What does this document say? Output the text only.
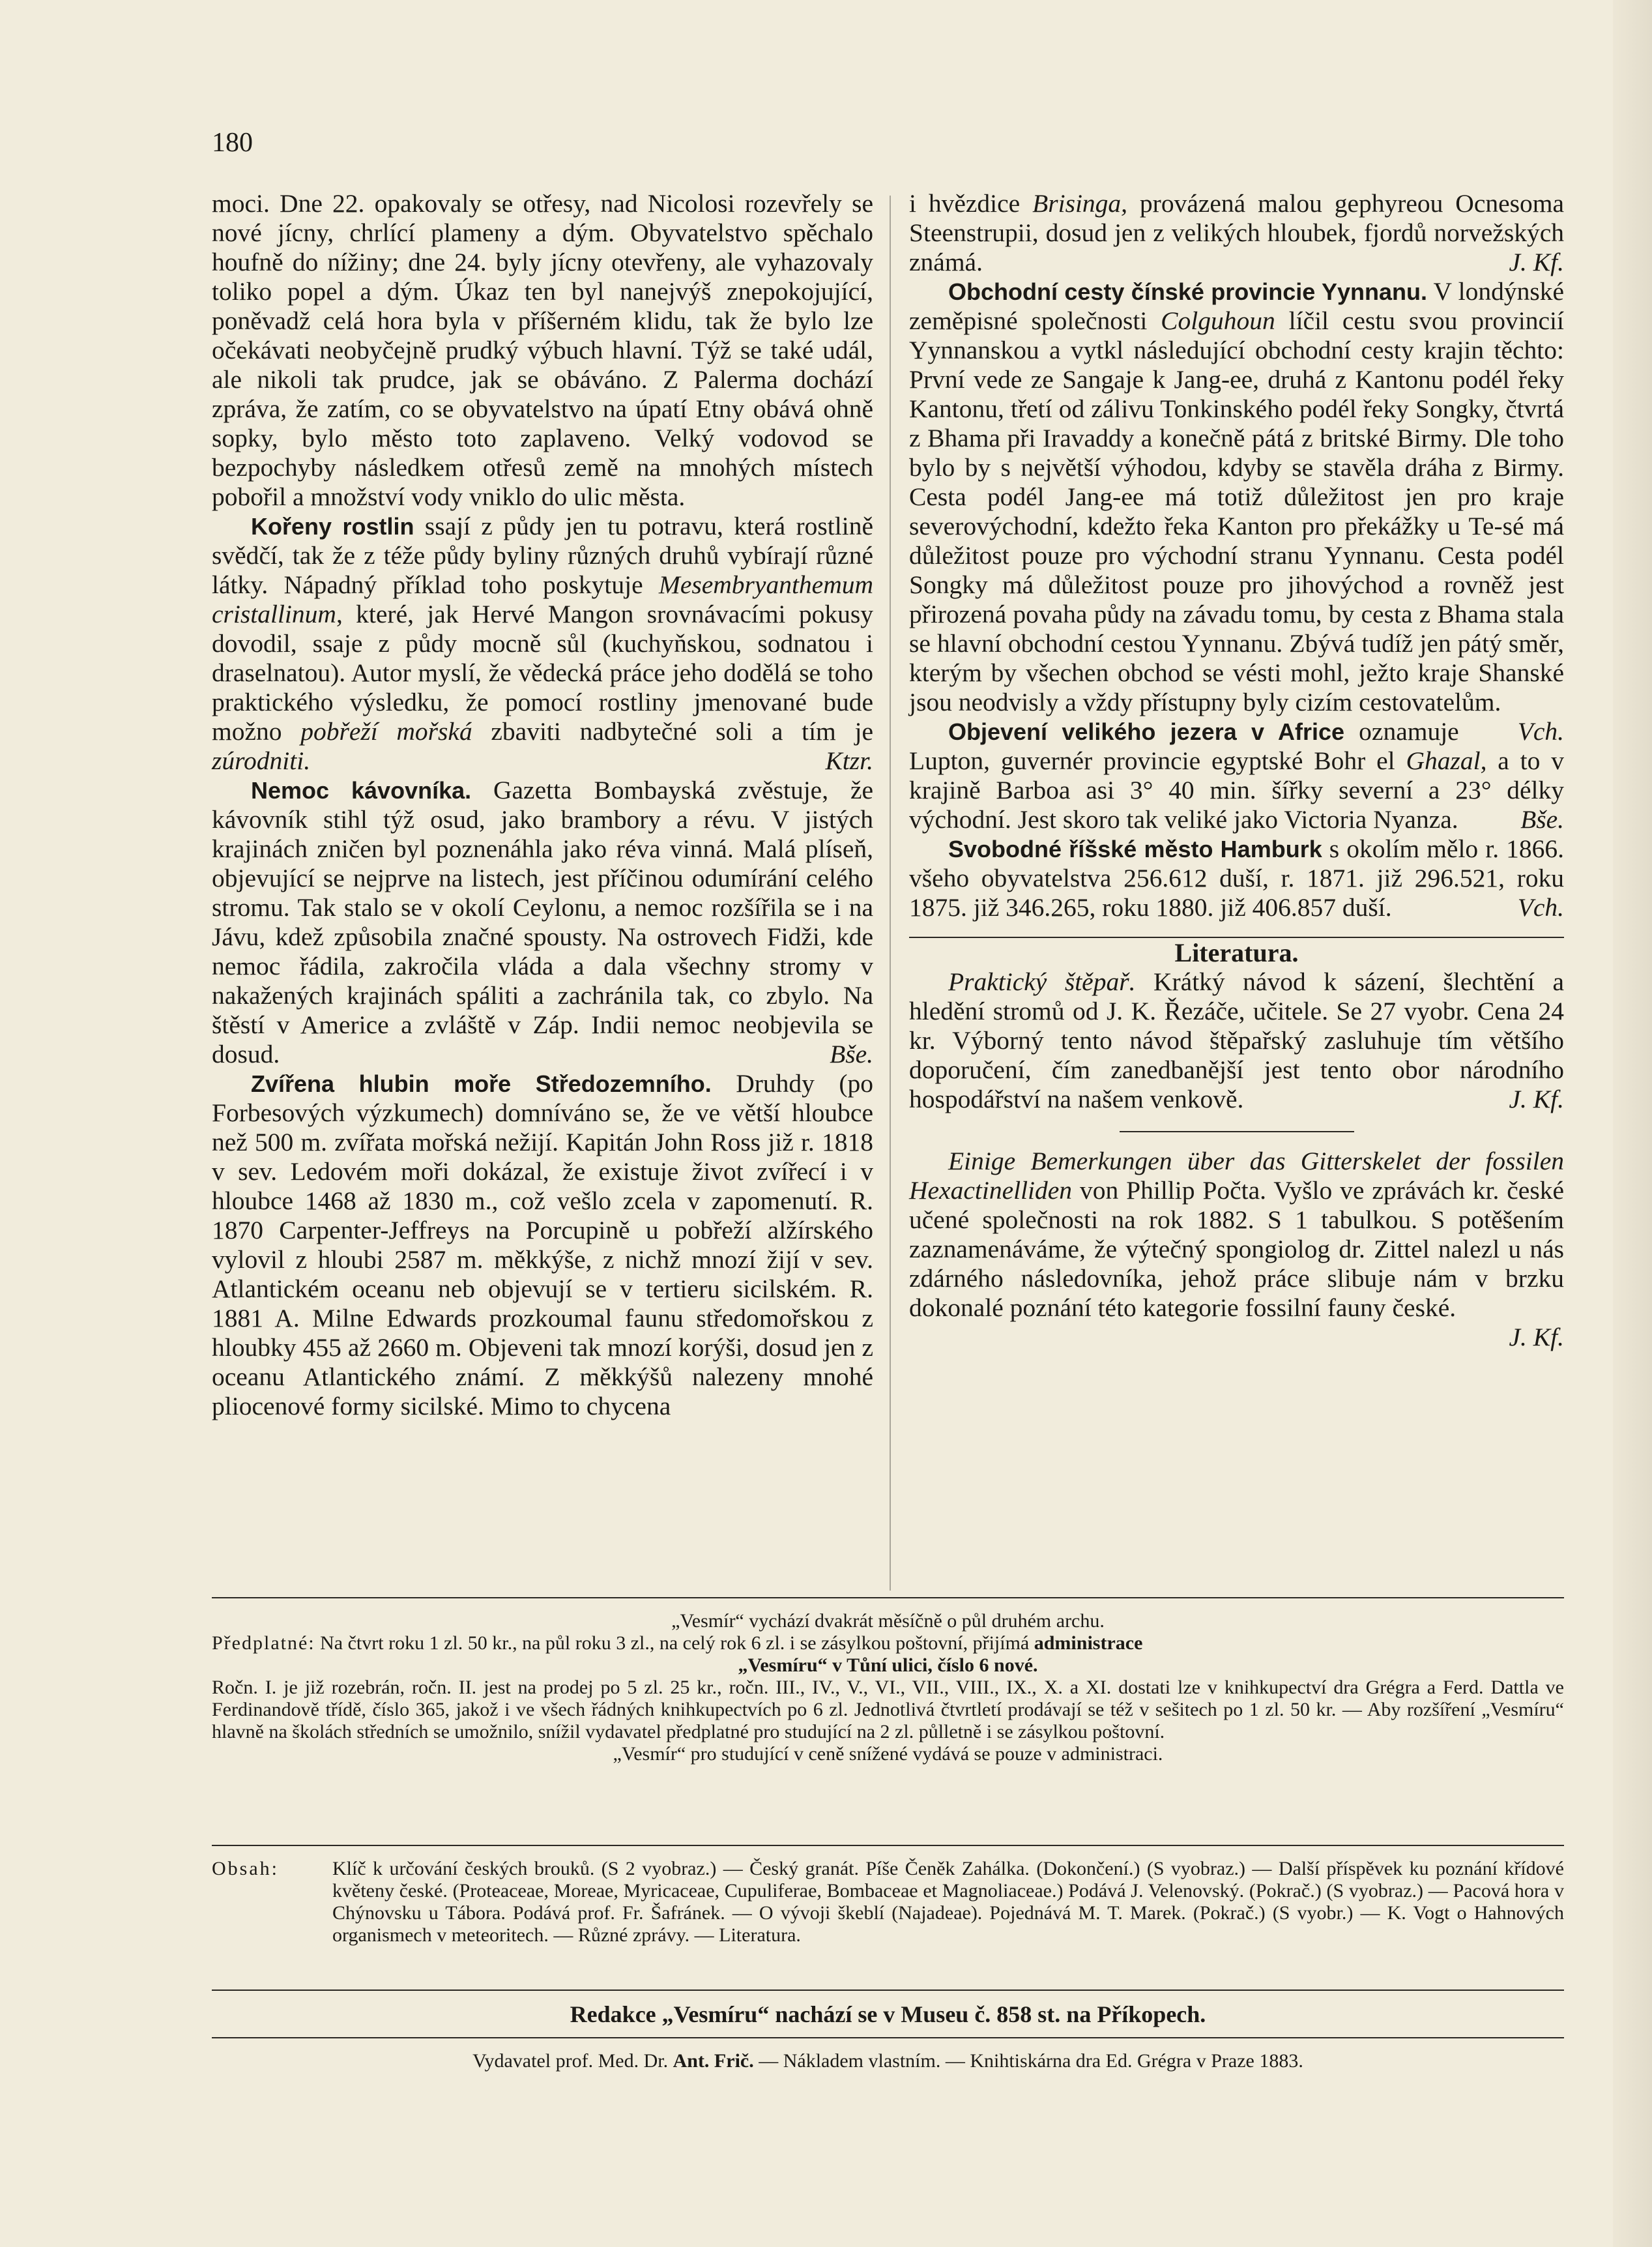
180

moci. Dne 22. opakovaly se otřesy, nad Nicolosi rozevřely se nové jícny, chrlící plameny a dým. Obyvatelstvo spěchalo houfně do nížiny; dne 24. byly jícny otevřeny, ale vyhazovaly toliko popel a dým. Úkaz ten byl nanejvýš znepokojující, poněvadž celá hora byla v příšerném klidu, tak že bylo lze očekávati neobyčejně prudký výbuch hlavní. Týž se také udál, ale nikoli tak prudce, jak se obáváno. Z Palerma dochází zpráva, že zatím, co se obyvatelstvo na úpatí Etny obává ohně sopky, bylo město toto zaplaveno. Velký vodovod se bezpochyby následkem otřesů země na mnohých místech pobořil a množství vody vniklo do ulic města.

Kořeny rostlin ssají z půdy jen tu potravu, která rostlině svědčí, tak že z téže půdy byliny různých druhů vybírají různé látky. Nápadný příklad toho poskytuje Mesembryanthemum cristallinum, které, jak Hervé Mangon srovnávacími pokusy dovodil, ssaje z půdy mocně sůl (kuchyňskou, sodnatou i draselnatou). Autor myslí, že vědecká práce jeho dodělá se toho praktického výsledku, že pomocí rostliny jmenované bude možno pobřeží mořská zbaviti nadbytečné soli a tím je zúrodniti.	Ktzr.

Nemoc kávovníka. Gazetta Bombayská zvěstuje, že kávovník stihl týž osud, jako brambory a révu. V jistých krajinách zničen byl poznenáhla jako réva vinná. Malá plíseň, objevující se nejprve na listech, jest příčinou odumírání celého stromu. Tak stalo se v okolí Ceylonu, a nemoc rozšířila se i na Jávu, kdež způsobila značné spousty. Na ostrovech Fidži, kde nemoc řádila, zakročila vláda a dala všechny stromy v nakažených krajinách spáliti a zachránila tak, co zbylo. Na štěstí v Americe a zvláště v Záp. Indii nemoc neobjevila se dosud.	Bše.

Zvířena hlubin moře Středozemního. Druhdy (po Forbesových výzkumech) domníváno se, že ve větší hloubce než 500 m. zvířata mořská nežijí. Kapitán John Ross již r. 1818 v sev. Ledovém moři dokázal, že existuje život zvířecí i v hloubce 1468 až 1830 m., což vešlo zcela v zapomenutí. R. 1870 Carpenter-Jeffreys na Porcupině u pobřeží alžírského vylovil z hloubi 2587 m. měkkýše, z nichž mnozí žijí v sev. Atlantickém oceanu neb objevují se v tertieru sicilském. R. 1881 A. Milne Edwards prozkoumal faunu středomořskou z hloubky 455 až 2660 m. Objeveni tak mnozí korýši, dosud jen z oceanu Atlantického známí. Z měkkýšů nalezeny mnohé pliocenové formy sicilské. Mimo to chycena

i hvězdice Brisinga, provázená malou gephyreou Ocnesoma Steenstrupii, dosud jen z velikých hloubek, fjordů norvežských známá.	J. Kf.

Obchodní cesty čínské provincie Yynnanu. V londýnské zeměpisné společnosti Colguhoun líčil cestu svou provincií Yynnanskou a vytkl následující obchodní cesty krajin těchto: První vede ze Sangaje k Jang-ee, druhá z Kantonu podél řeky Kantonu, třetí od zálivu Tonkinského podél řeky Songky, čtvrtá z Bhama při Iravaddy a konečně pátá z britské Birmy. Dle toho bylo by s největší výhodou, kdyby se stavěla dráha z Birmy. Cesta podél Jang-ee má totiž důležitost jen pro kraje severovýchodní, kdežto řeka Kanton pro překážky u Te-sé má důležitost pouze pro východní stranu Yynnanu. Cesta podél Songky má důležitost pouze pro jihovýchod a rovněž jest přirozená povaha půdy na závadu tomu, by cesta z Bhama stala se hlavní obchodní cestou Yynnanu. Zbývá tudíž jen pátý směr, kterým by všechen obchod se vésti mohl, ježto kraje Shanské jsou neodvisly a vždy přístupny byly cizím cestovatelům.
Vch.

Objevení velikého jezera v Africe oznamuje Lupton, guvernér provincie egyptské Bohr el Ghazal, a to v krajině Barboa asi 3° 40 min. šířky severní a 23° délky východní. Jest skoro tak veliké jako Victoria Nyanza.	Bše.

Svobodné říšské město Hamburk s okolím mělo r. 1866. všeho obyvatelstva 256.612 duší, r. 1871. již 296.521, roku 1875. již 346.265, roku 1880. již 406.857 duší.	Vch.

Literatura.

Praktický štěpař. Krátký návod k sázení, šlechtění a hledění stromů od J. K. Řezáče, učitele. Se 27 vyobr. Cena 24 kr. Výborný tento návod štěpařský zasluhuje tím většího doporučení, čím zanedbanější jest tento obor národního hospodářství na našem venkově.	J. Kf.

Einige Bemerkungen über das Gitterskelet der fossilen Hexactinelliden von Phillip Počta. Vyšlo ve zprávách kr. české učené společnosti na rok 1882. S 1 tabulkou. S potěšením zaznamenáváme, že výtečný spongiolog dr. Zittel nalezl u nás zdárného následovníka, jehož práce slibuje nám v brzku dokonalé poznání této kategorie fossilní fauny české.
J. Kf.

„Vesmír“ vychází dvakrát měsíčně o půl druhém archu.

Předplatné: Na čtvrt roku 1 zl. 50 kr., na půl roku 3 zl., na celý rok 6 zl. i se zásylkou poštovní, přijímá administrace

„Vesmíru“ v Tůní ulici, číslo 6 nové.

Ročn. I. je již rozebrán, ročn. II. jest na prodej po 5 zl. 25 kr., ročn. III., IV., V., VI., VII., VIII., IX., X. a XI. dostati lze v knihkupectví dra Grégra a Ferd. Dattla ve Ferdinandově třídě, číslo 365, jakož i ve všech řádných knihkupectvích po 6 zl. Jednotlivá čtvrtletí prodávají se též v sešitech po 1 zl. 50 kr. — Aby rozšíření „Vesmíru“ hlavně na školách středních se umožnilo, snížil vydavatel předplatné pro studující na 2 zl. půlletně i se zásylkou poštovní.

„Vesmír“ pro studující v ceně snížené vydává se pouze v administraci.

Obsah:	Klíč k určování českých brouků. (S 2 vyobraz.) — Český granát. Píše Čeněk Zahálka. (Dokončení.) (S vyobraz.) — Další příspěvek ku poznání křídové květeny české. (Proteaceae, Moreae, Myricaceae, Cupuliferae, Bombaceae et Magnoliaceae.) Podává J. Velenovský. (Pokrač.) (S vyobraz.) — Pacová hora v Chýnovsku u Tábora. Podává prof. Fr. Šafránek. — O vývoji škeblí (Najadeae). Pojednává M. T. Marek. (Pokrač.) (S vyobr.) — K. Vogt o Hahnových organismech v meteoritech. — Různé zprávy. — Literatura.
Redakce „Vesmíru“ nachází se v Museu č. 858 st. na Příkopech.
Vydavatel prof. Med. Dr. Ant. Frič. — Nákladem vlastním. — Knihtiskárna dra Ed. Grégra v Praze 1883.
